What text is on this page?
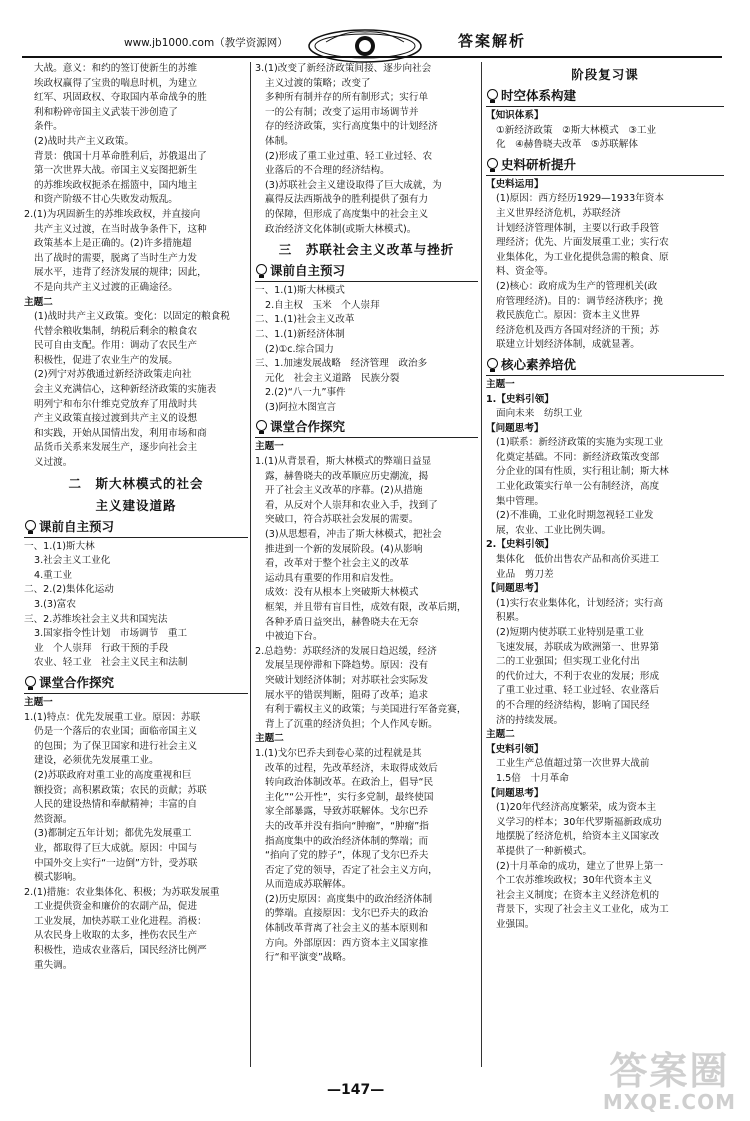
www.jb1000.com（教学资源网）	答案解析
大战。意义：和约的签订使新生的苏维
埃政权赢得了宝贵的喘息时机，为建立
红军、巩固政权、夺取国内革命战争的胜
利和粉碎帝国主义武装干涉创造了
条件。
(2)战时共产主义政策。
背景：俄国十月革命胜利后，苏俄退出了
第一次世界大战。帝国主义妄图把新生
的苏维埃政权扼杀在摇篮中，国内地主
和资产阶级不甘心失败发动叛乱。
2.(1)为巩固新生的苏维埃政权，并直接向
共产主义过渡，在当时战争条件下，这种
政策基本上是正确的。(2)许多措施超
出了战时的需要，脱离了当时生产力发
展水平，违背了经济发展的规律；因此，
不是向共产主义过渡的正确途径。
主题二
(1)战时共产主义政策。变化：以固定的粮食税
代替余粮收集制，纳税后剩余的粮食农
民可自由支配。作用：调动了农民生产
积极性，促进了农业生产的发展。
(2)列宁对苏俄通过新经济政策走向社
会主义充满信心，这种新经济政策的实施表
明列宁和布尔什维克党放弃了用战时共
产主义政策直接过渡到共产主义的设想
和实践，开始从国情出发，利用市场和商
品货币关系来发展生产，逐步向社会主
义过渡。
二　斯大林模式的社会
主义建设道路
课前自主预习
一、1.(1)斯大林
3.社会主义工业化
4.重工业
二、2.(2)集体化运动
3.(3)富农
三、2.苏维埃社会主义共和国宪法
3.国家指令性计划　市场调节　重工
业　个人崇拜　行政干预的手段
农业、轻工业　社会主义民主和法制
课堂合作探究
主题一
1.(1)特点：优先发展重工业。原因：苏联
仍是一个落后的农业国；面临帝国主义
的包围；为了保卫国家和进行社会主义
建设，必须优先发展重工业。
(2)苏联政府对重工业的高度重视和巨
额投资；高积累政策；农民的贡献；苏联
人民的建设热情和奉献精神；丰富的自
然资源。
(3)都制定五年计划；都优先发展重工
业，都取得了巨大成就。原因：中国与
中国外交上实行“一边倒”方针，受苏联
模式影响。
2.(1)措施：农业集体化、积极；为苏联发展重
工业提供资金和廉价的农副产品，促进
工业发展，加快苏联工业化进程。消极：
从农民身上收取的太多，挫伤农民生产
积极性，造成农业落后，国民经济比例严
重失调。
3.(1)改变了新经济政策间接、逐步向社会
主义过渡的策略；改变了
多种所有制并存的所有制形式；实行单
一的公有制；改变了运用市场调节并
存的经济政策，实行高度集中的计划经济
体制。
(2)形成了重工业过重、轻工业过轻、农
业落后的不合理的经济结构。
(3)苏联社会主义建设取得了巨大成就，为
赢得反法西斯战争的胜利提供了强有力
的保障，但形成了高度集中的社会主义
政治经济文化体制(或斯大林模式)。
三　苏联社会主义改革与挫折
课前自主预习
一、1.(1)斯大林模式
2.自主权　玉米　个人崇拜
二、1.(1)社会主义改革
二、1.(1)新经济体制
(2)①c.综合国力
三、1.加速发展战略　经济管理　政治多
元化　社会主义道路　民族分裂
2.(2)“八一九”事件
(3)阿拉木图宣言
课堂合作探究
主题一
1.(1)从背景看，斯大林模式的弊端日益显
露，赫鲁晓夫的改革顺应历史潮流，揭
开了社会主义改革的序幕。(2)从措施
看，从反对个人崇拜和农业入手，找到了
突破口，符合苏联社会发展的需要。
(3)从思想看，冲击了斯大林模式，把社会
推进到一个新的发展阶段。(4)从影响
看，改革对于整个社会主义的改革
运动具有重要的作用和启发性。
成效：没有从根本上突破斯大林模式
框架，并且带有盲目性，成效有限，改革后期，
各种矛盾日益突出，赫鲁晓夫在无奈
中被迫下台。
2.总趋势：苏联经济的发展日趋迟缓，经济
发展呈现停滞和下降趋势。原因：没有
突破计划经济体制；对苏联社会实际发
展水平的错误判断，阻碍了改革；追求
有利于霸权主义的政策；与美国进行军备竞赛，
背上了沉重的经济负担；个人作风专断。
主题二
1.(1)戈尔巴乔夫到卷心菜的过程就是其
改革的过程，先改革经济，未取得成效后
转向政治体制改革。在政治上，倡导“民
主化”“公开性”，实行多党制，最终使国
家全部暴露，导致苏联解体。戈尔巴乔
夫的改革并没有指向“肿瘤”，“肿瘤”指
指高度集中的政治经济体制的弊端；而
“掐向了党的脖子”，体现了戈尔巴乔夫
否定了党的领导，否定了社会主义方向，
从而造成苏联解体。
(2)历史原因：高度集中的政治经济体制
的弊端。直接原因：戈尔巴乔夫的政治
体制改革背离了社会主义的基本原则和
方向。外部原因：西方资本主义国家推
行“和平演变”战略。
阶段复习课
时空体系构建
【知识体系】
①新经济政策　②斯大林模式　③工业
化　④赫鲁晓夫改革　⑤苏联解体
史料研析提升
【史料运用】
(1)原因：西方经历1929—1933年资本
主义世界经济危机，苏联经济
计划经济管理体制，主要以行政手段管
理经济；优先、片面发展重工业；实行农
业集体化，为工业化提供急需的粮食、原
料、资金等。
(2)核心：政府成为生产的管理机关(政
府管理经济)。目的：调节经济秩序；挽
救民族危亡。原因：资本主义世界
经济危机及西方各国对经济的干预；苏
联建立计划经济体制，成就显著。
核心素养培优
主题一
1.【史料引领】
面向未来　纺织工业
【问题思考】
(1)联系：新经济政策的实施为实现工业
化奠定基础。不同：新经济政策改变部
分企业的国有性质，实行租让制；斯大林
工业化政策实行单一公有制经济，高度
集中管理。
(2)不准确，工业化时期忽视轻工业发
展，农业、工业比例失调。
2.【史料引领】
集体化　低价出售农产品和高价买进工
业品　剪刀差
【问题思考】
(1)实行农业集体化，计划经济；实行高
积累。
(2)短期内使苏联工业特别是重工业
飞速发展，苏联成为欧洲第一、世界第
二的工业强国；但实现工业化付出
的代价过大，不利于农业的发展；形成
了重工业过重、轻工业过轻、农业落后
的不合理的经济结构，影响了国民经
济的持续发展。
主题二
【史料引领】
工业生产总值超过第一次世界大战前
1.5倍　十月革命
【问题思考】
(1)20年代经济高度繁荣，成为资本主
义学习的样本；30年代罗斯福新政成功
地摆脱了经济危机，给资本主义国家改
革提供了一种新模式。
(2)十月革命的成功，建立了世界上第一
个工农苏维埃政权；30年代资本主义
社会主义制度；在资本主义经济危机的
背景下，实现了社会主义工业化，成为工
业强国。
—147—	答案圈
MXQE.COM
